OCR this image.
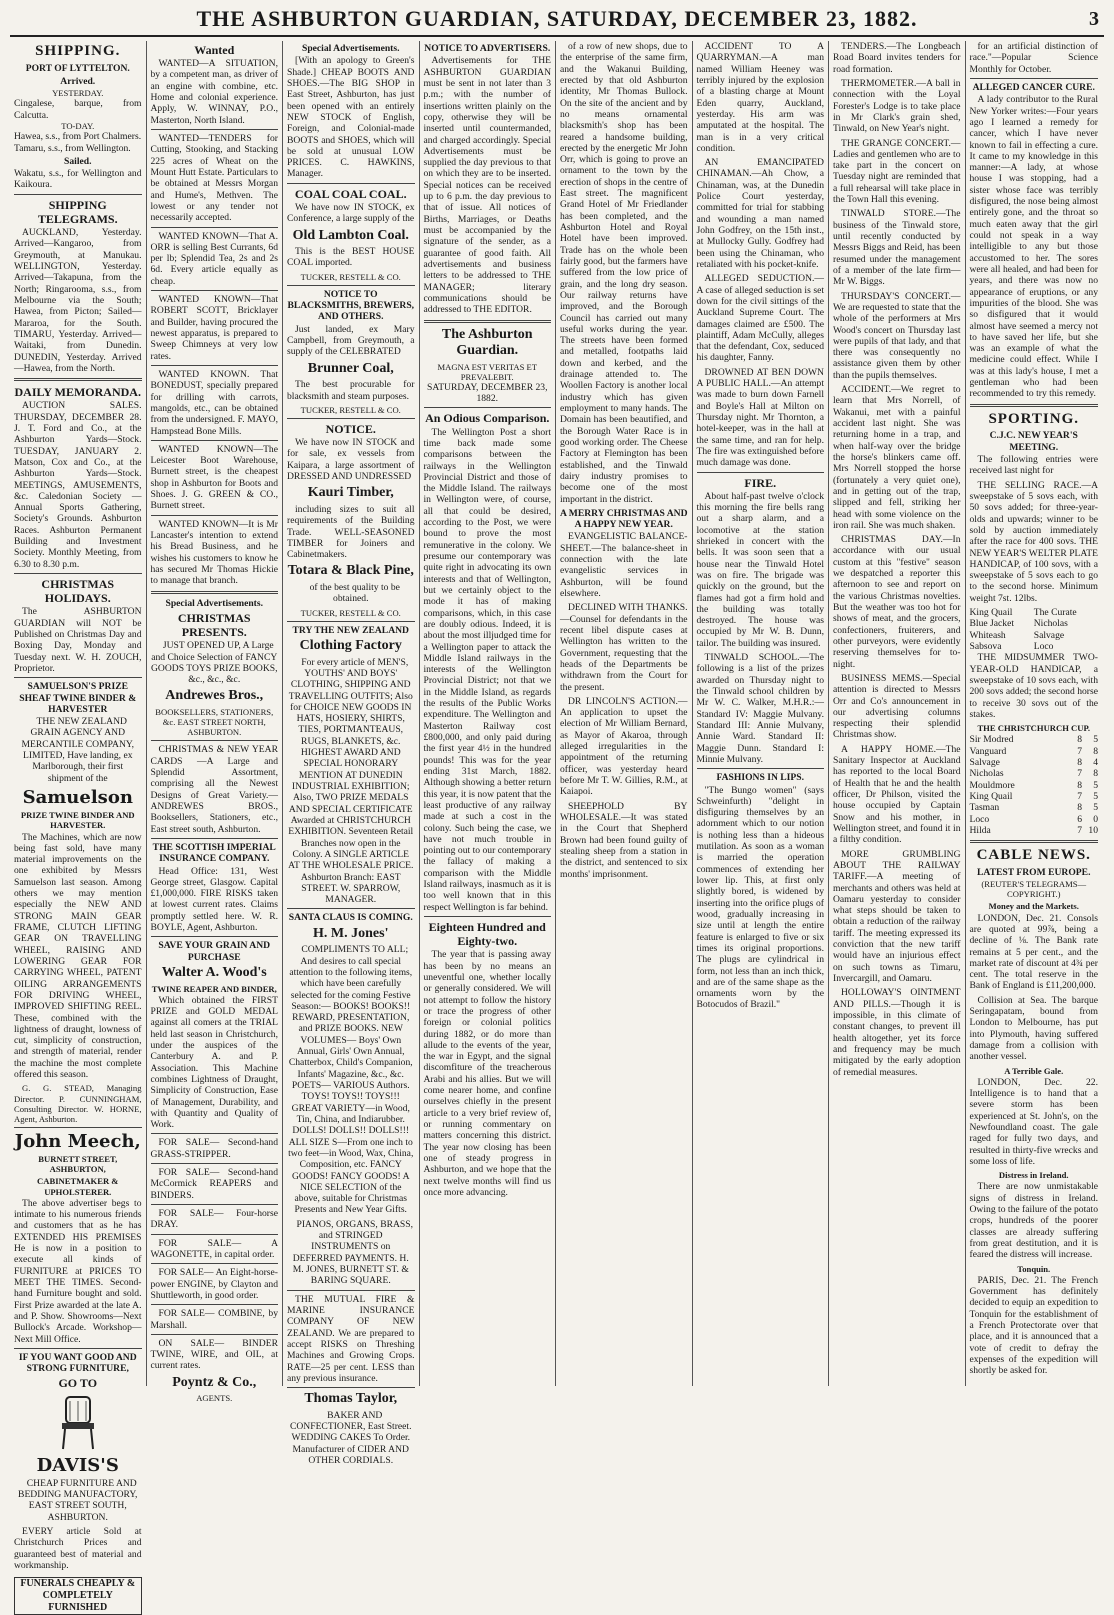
THE ASHBURTON GUARDIAN, SATURDAY, DECEMBER 23, 1882.	3
SHIPPING.
PORT OF LYTTELTON.
Arrived.
YESTERDAY.
Cingalese, barque, from Calcutta.
TO-DAY.
Hawea, s.s., from Port Chalmers.
Tamaru, s.s., from Wellington.
Sailed.
Wakatu, s.s., for Wellington and Kaikoura.
SHIPPING TELEGRAMS.

AUCKLAND, Yesterday. Arrived—Kangaroo, from Greymouth, at Manukau. WELLINGTON, Yesterday. Arrived—Takapuna, from the North; Ringarooma, s.s., from Melbourne via the South; Hawea, from Picton; Sailed—Mararoa, for the South. TIMARU, Yesterday. Arrived—Waitaki, from Dunedin. DUNEDIN, Yesterday. Arrived—Hawea, from the North.

DAILY MEMORANDA.

AUCTION SALES. THURSDAY, DECEMBER 28. J. T. Ford and Co., at the Ashburton Yards—Stock. TUESDAY, JANUARY 2. Matson, Cox and Co., at the Ashburton Yards—Stock. MEETINGS, AMUSEMENTS, &c. Caledonian Society — Annual Sports Gathering, Society's Grounds. Ashburton Races. Ashburton Permanent Building and Investment Society. Monthly Meeting, from 6.30 to 8.30 p.m.

CHRISTMAS HOLIDAYS.

The ASHBURTON GUARDIAN will NOT be Published on Christmas Day and Boxing Day, Monday and Tuesday next. W. H. ZOUCH, Proprietor.

SAMUELSON'S PRIZE SHEAF TWINE BINDER & HARVESTER

THE NEW ZEALAND GRAIN AGENCY AND MERCANTILE COMPANY, LIMITED, Have landing, ex Marlborough, their first shipment of the

Samuelson
PRIZE TWINE BINDER AND HARVESTER.

The Machines, which are now being fast sold, have many material improvements on the one exhibited by Messrs Samuelson last season. Among others we may mention especially the NEW AND STRONG MAIN GEAR FRAME, CLUTCH LIFTING GEAR ON TRAVELLING WHEEL, RAISING AND LOWERING GEAR FOR CARRYING WHEEL, PATENT OILING ARRANGEMENTS FOR DRIVING WHEEL, IMPROVED SHIFTING REEL. These, combined with the lightness of draught, lowness of cut, simplicity of construction, and strength of material, render the machine the most complete offered this season.

G. G. STEAD, Managing Director. P. CUNNINGHAM, Consulting Director. W. HORNE, Agent, Ashburton.

John Meech,
BURNETT STREET, ASHBURTON,
CABINETMAKER & UPHOLSTERER.

The above advertiser begs to intimate to his numerous friends and customers that as he has EXTENDED HIS PREMISES He is now in a position to execute all kinds of FURNITURE at PRICES TO MEET THE TIMES. Second-hand Furniture bought and sold. First Prize awarded at the late A. and P. Show. Showrooms—Next Bullock's Arcade. Workshop—Next Mill Office.

IF YOU WANT GOOD AND STRONG FURNITURE,
GO TO
DAVIS'S

CHEAP FURNITURE AND BEDDING MANUFACTORY, EAST STREET SOUTH, ASHBURTON.

EVERY article Sold at Christchurch Prices and guaranteed best of material and workmanship.

FUNERALS CHEAPLY & COMPLETELY FURNISHED
Wanted

WANTED—A SITUATION, by a competent man, as driver of an engine with combine, etc. Home and colonial experience. Apply, W. WINNAY, P.O., Masterton, North Island.

WANTED—TENDERS for Cutting, Stooking, and Stacking 225 acres of Wheat on the Mount Hutt Estate. Particulars to be obtained at Messrs Morgan and Hume's, Methven. The lowest or any tender not necessarily accepted.

WANTED KNOWN—That A. ORR is selling Best Currants, 6d per lb; Splendid Tea, 2s and 2s 6d. Every article equally as cheap.

WANTED KNOWN—That ROBERT SCOTT, Bricklayer and Builder, having procured the newest apparatus, is prepared to Sweep Chimneys at very low rates.

WANTED KNOWN. That BONEDUST, specially prepared for drilling with carrots, mangolds, etc., can be obtained from the undersigned. F. MAYO, Hampstead Bone Mills.

WANTED KNOWN—The Leicester Boot Warehouse, Burnett street, is the cheapest shop in Ashburton for Boots and Shoes. J. G. GREEN & CO., Burnett street.

WANTED KNOWN—It is Mr Lancaster's intention to extend his Bread Business, and he wishes his customers to know he has secured Mr Thomas Hickie to manage that branch.

Special Advertisements.
CHRISTMAS PRESENTS.

JUST OPENED UP, A Large and Choice Selection of FANCY GOODS TOYS PRIZE BOOKS, &c., &c., &c.

Andrewes Bros.,
BOOKSELLERS, STATIONERS, &c. EAST STREET NORTH, ASHBURTON.

CHRISTMAS & NEW YEAR CARDS —A Large and Splendid Assortment, comprising all the Newest Designs of Great Variety.—ANDREWES BROS., Booksellers, Stationers, etc., East street south, Ashburton.

THE SCOTTISH IMPERIAL INSURANCE COMPANY.

Head Office: 131, West George street, Glasgow. Capital £1,000,000. FIRE RISKS taken at lowest current rates. Claims promptly settled here. W. R. BOYLE, Agent, Ashburton.

SAVE YOUR GRAIN AND PURCHASE
Walter A. Wood's
TWINE REAPER AND BINDER,

Which obtained the FIRST PRIZE and GOLD MEDAL against all comers at the TRIAL held last season in Christchurch, under the auspices of the Canterbury A. and P. Association. This Machine combines Lightness of Draught, Simplicity of Construction, Ease of Management, Durability, and with Quantity and Quality of Work.

FOR SALE— Second-hand GRASS-STRIPPER.

FOR SALE— Second-hand McCormick REAPERS and BINDERS.

FOR SALE— Four-horse DRAY.

FOR SALE— A WAGONETTE, in capital order.

FOR SALE— An Eight-horse-power ENGINE, by Clayton and Shuttleworth, in good order.

FOR SALE— COMBINE, by Marshall.

ON SALE— BINDER TWINE, WIRE, and OIL, at current rates.

Poyntz & Co.,
AGENTS.
Special Advertisements.

[With an apology to Green's Shade.] CHEAP BOOTS AND SHOES.—The BIG SHOP in East Street, Ashburton, has just been opened with an entirely NEW STOCK of English, Foreign, and Colonial-made BOOTS and SHOES, which will be sold at unusual LOW PRICES. C. HAWKINS, Manager.

COAL COAL COAL.

We have now IN STOCK, ex Conference, a large supply of the

Old Lambton Coal.

This is the BEST HOUSE COAL imported.

TUCKER, RESTELL & CO.
NOTICE TO BLACKSMITHS, BREWERS, AND OTHERS.

Just landed, ex Mary Campbell, from Greymouth, a supply of the CELEBRATED

Brunner Coal,

The best procurable for blacksmith and steam purposes.

TUCKER, RESTELL & CO.
NOTICE.

We have now IN STOCK and for sale, ex vessels from Kaipara, a large assortment of DRESSED AND UNDRESSED

Kauri Timber,

including sizes to suit all requirements of the Building Trade. WELL-SEASONED TIMBER for Joiners and Cabinetmakers.

Totara & Black Pine,

of the best quality to be obtained.

TUCKER, RESTELL & CO.
TRY THE NEW ZEALAND
Clothing Factory

For every article of MEN'S, YOUTHS' AND BOYS' CLOTHING, SHIPPING AND TRAVELLING OUTFITS; Also for CHOICE NEW GOODS IN HATS, HOSIERY, SHIRTS, TIES, PORTMANTEAUS, RUGS, BLANKETS, &c. HIGHEST AWARD AND SPECIAL HONORARY MENTION AT DUNEDIN INDUSTRIAL EXHIBITION; Also, TWO PRIZE MEDALS AND SPECIAL CERTIFICATE Awarded at CHRISTCHURCH EXHIBITION. Seventeen Retail Branches now open in the Colony. A SINGLE ARTICLE AT THE WHOLESALE PRICE. Ashburton Branch: EAST STREET. W. SPARROW, MANAGER.

SANTA CLAUS IS COMING.
H. M. Jones'

COMPLIMENTS TO ALL; And desires to call special attention to the following items, which have been carefully selected for the coming Festive Season:— BOOKS! BOOKS!! REWARD, PRESENTATION, and PRIZE BOOKS. NEW VOLUMES— Boys' Own Annual, Girls' Own Annual, Chatterbox, Child's Companion, Infants' Magazine, &c., &c. POETS— VARIOUS Authors. TOYS! TOYS!! TOYS!!! GREAT VARIETY—in Wood, Tin, China, and Indiarubber. DOLLS! DOLLS!! DOLLS!!! ALL SIZE S—From one inch to two feet—in Wood, Wax, China, Composition, etc. FANCY GOODS! FANCY GOODS! A NICE SELECTION of the above, suitable for Christmas Presents and New Year Gifts.

PIANOS, ORGANS, BRASS, and STRINGED INSTRUMENTS on DEFERRED PAYMENTS. H. M. JONES, BURNETT ST. & BARING SQUARE.

THE MUTUAL FIRE & MARINE INSURANCE COMPANY OF NEW ZEALAND. We are prepared to accept RISKS on Threshing Machines and Growing Crops. RATE—25 per cent. LESS than any previous insurance.

Thomas Taylor,

BAKER AND CONFECTIONER, East Street. WEDDING CAKES To Order. Manufacturer of CIDER AND OTHER CORDIALS.

NOTICE TO ADVERTISERS.

Advertisements for THE ASHBURTON GUARDIAN must be sent in not later than 3 p.m.; with the number of insertions written plainly on the copy, otherwise they will be inserted until countermanded, and charged accordingly. Special Advertisements must be supplied the day previous to that on which they are to be inserted. Special notices can be received up to 6 p.m. the day previous to that of issue. All notices of Births, Marriages, or Deaths must be accompanied by the signature of the sender, as a guarantee of good faith. All advertisements and business letters to be addressed to THE MANAGER; literary communications should be addressed to THE EDITOR.

The Ashburton Guardian.
MAGNA EST VERITAS ET PREVALEBIT.
SATURDAY, DECEMBER 23, 1882.
An Odious Comparison.

The Wellington Post a short time back made some comparisons between the railways in the Wellington Provincial District and those of the Middle Island. The railways in Wellington were, of course, all that could be desired, according to the Post, we were bound to prove the most remunerative in the colony. We presume our contemporary was quite right in advocating its own interests and that of Wellington, but we certainly object to the mode it has of making comparisons, which, in this case are doubly odious. Indeed, it is about the most illjudged time for a Wellington paper to attack the Middle Island railways in the interests of the Wellington Provincial District; not that we in the Middle Island, as regards the results of the Public Works expenditure. The Wellington and Masterton Railway cost £800,000, and only paid during the first year 4½ in the hundred pounds! This was for the year ending 31st March, 1882. Although showing a better return this year, it is now patent that the least productive of any railway made at such a cost in the colony. Such being the case, we have not much trouble in pointing out to our contemporary the fallacy of making a comparison with the Middle Island railways, inasmuch as it is too well known that in this respect Wellington is far behind.

Eighteen Hundred and Eighty-two.

The year that is passing away has been by no means an uneventful one, whether locally or generally considered. We will not attempt to follow the history or trace the progress of other foreign or colonial politics during 1882, or do more than allude to the events of the year, the war in Egypt, and the signal discomfiture of the treacherous Arabi and his allies. But we will come nearer home, and confine ourselves chiefly in the present article to a very brief review of, or running commentary on matters concerning this district. The year now closing has been one of steady progress in Ashburton, and we hope that the next twelve months will find us once more advancing.

of a row of new shops, due to the enterprise of the same firm, and the Wakanui Building, erected by that old Ashburton identity, Mr Thomas Bullock. On the site of the ancient and by no means ornamental blacksmith's shop has been reared a handsome building, erected by the energetic Mr John Orr, which is going to prove an ornament to the town by the erection of shops in the centre of East street. The magnificent Grand Hotel of Mr Friedlander has been completed, and the Ashburton Hotel and Royal Hotel have been improved. Trade has on the whole been fairly good, but the farmers have suffered from the low price of grain, and the long dry season. Our railway returns have improved, and the Borough Council has carried out many useful works during the year. The streets have been formed and metalled, footpaths laid down and kerbed, and the drainage attended to. The Woollen Factory is another local industry which has given employment to many hands. The Domain has been beautified, and the Borough Water Race is in good working order. The Cheese Factory at Flemington has been established, and the Tinwald dairy industry promises to become one of the most important in the district.

A MERRY CHRISTMAS AND A HAPPY NEW YEAR.

EVANGELISTIC BALANCE-SHEET.—The balance-sheet in connection with the late evangelistic services in Ashburton, will be found elsewhere.

DECLINED WITH THANKS.—Counsel for defendants in the recent libel dispute cases at Wellington has written to the Government, requesting that the heads of the Departments be withdrawn from the Court for the present.

DR LINCOLN'S ACTION.—An application to upset the election of Mr William Bernard, as Mayor of Akaroa, through alleged irregularities in the appointment of the returning officer, was yesterday heard before Mr T. W. Gillies, R.M., at Kaiapoi.

SHEEPHOLD BY WHOLESALE.—It was stated in the Court that Shepherd Brown had been found guilty of stealing sheep from a station in the district, and sentenced to six months' imprisonment.

ACCIDENT TO A QUARRYMAN.—A man named William Heeney was terribly injured by the explosion of a blasting charge at Mount Eden quarry, Auckland, yesterday. His arm was amputated at the hospital. The man is in a very critical condition.

AN EMANCIPATED CHINAMAN.—Ah Chow, a Chinaman, was, at the Dunedin Police Court yesterday, committed for trial for stabbing and wounding a man named John Godfrey, on the 15th inst., at Mullocky Gully. Godfrey had been using the Chinaman, who retaliated with his pocket-knife.

ALLEGED SEDUCTION.—A case of alleged seduction is set down for the civil sittings of the Auckland Supreme Court. The damages claimed are £500. The plaintiff, Adam McCully, alleges that the defendant, Cox, seduced his daughter, Fanny.

DROWNED AT BEN DOWN A PUBLIC HALL.—An attempt was made to burn down Farnell and Boyle's Hall at Milton on Thursday night. Mr Thornton, a hotel-keeper, was in the hall at the same time, and ran for help. The fire was extinguished before much damage was done.

FIRE.

About half-past twelve o'clock this morning the fire bells rang out a sharp alarm, and a locomotive at the station shrieked in concert with the bells. It was soon seen that a house near the Tinwald Hotel was on fire. The brigade was quickly on the ground, but the flames had got a firm hold and the building was totally destroyed. The house was occupied by Mr W. B. Dunn, tailor. The building was insured.

TINWALD SCHOOL.—The following is a list of the prizes awarded on Thursday night to the Tinwald school children by Mr W. C. Walker, M.H.R.:—Standard IV: Maggie Mulvany. Standard III: Annie Mulvany, Annie Ward. Standard II: Maggie Dunn. Standard I: Minnie Mulvany.

FASHIONS IN LIPS.

"The Bungo women" (says Schweinfurth) "delight in disfiguring themselves by an adornment which to our notion is nothing less than a hideous mutilation. As soon as a woman is married the operation commences of extending her lower lip. This, at first only slightly bored, is widened by inserting into the orifice plugs of wood, gradually increasing in size until at length the entire feature is enlarged to five or six times its original proportions. The plugs are cylindrical in form, not less than an inch thick, and are of the same shape as the ornaments worn by the Botocudos of Brazil."

TENDERS.—The Longbeach Road Board invites tenders for road formation.

THERMOMETER.—A ball in connection with the Loyal Forester's Lodge is to take place in Mr Clark's grain shed, Tinwald, on New Year's night.

THE GRANGE CONCERT.—Ladies and gentlemen who are to take part in the concert on Tuesday night are reminded that a full rehearsal will take place in the Town Hall this evening.

TINWALD STORE.—The business of the Tinwald store, until recently conducted by Messrs Biggs and Reid, has been resumed under the management of a member of the late firm—Mr W. Biggs.

THURSDAY'S CONCERT.—We are requested to state that the whole of the performers at Mrs Wood's concert on Thursday last were pupils of that lady, and that there was consequently no assistance given them by other than the pupils themselves.

ACCIDENT.—We regret to learn that Mrs Norrell, of Wakanui, met with a painful accident last night. She was returning home in a trap, and when half-way over the bridge the horse's blinkers came off. Mrs Norrell stopped the horse (fortunately a very quiet one), and in getting out of the trap, slipped and fell, striking her head with some violence on the iron rail. She was much shaken.

CHRISTMAS DAY.—In accordance with our usual custom at this "festive" season we despatched a reporter this afternoon to see and report on the various Christmas novelties. But the weather was too hot for shows of meat, and the grocers, confectioners, fruiterers, and other purveyors, were evidently reserving themselves for to-night.

BUSINESS MEMS.—Special attention is directed to Messrs Orr and Co's announcement in our advertising columns respecting their splendid Christmas show.

A HAPPY HOME.—The Sanitary Inspector at Auckland has reported to the local Board of Health that he and the health officer, Dr Philson, visited the house occupied by Captain Snow and his mother, in Wellington street, and found it in a filthy condition.

MORE GRUMBLING ABOUT THE RAILWAY TARIFF.—A meeting of merchants and others was held at Oamaru yesterday to consider what steps should be taken to obtain a reduction of the railway tariff. The meeting expressed its conviction that the new tariff would have an injurious effect on such towns as Timaru, Invercargill, and Oamaru.

HOLLOWAY'S OINTMENT AND PILLS.—Though it is impossible, in this climate of constant changes, to prevent ill health altogether, yet its force and frequency may be much mitigated by the early adoption of remedial measures.

for an artificial distinction of race."—Popular Science Monthly for October.

ALLEGED CANCER CURE.

A lady contributor to the Rural New Yorker writes:—Four years ago I learned a remedy for cancer, which I have never known to fail in effecting a cure. It came to my knowledge in this manner:—A lady, at whose house I was stopping, had a sister whose face was terribly disfigured, the nose being almost entirely gone, and the throat so much eaten away that the girl could not speak in a way intelligible to any but those accustomed to her. The sores were all healed, and had been for years, and there was now no appearance of eruptions, or any impurities of the blood. She was so disfigured that it would almost have seemed a mercy not to have saved her life, but she was an example of what the medicine could effect. While I was at this lady's house, I met a gentleman who had been recommended to try this remedy.

SPORTING.
C.J.C. NEW YEAR'S MEETING.

The following entries were received last night for

THE SELLING RACE.—A sweepstake of 5 sovs each, with 50 sovs added; for three-year-olds and upwards; winner to be sold by auction immediately after the race for 400 sovs. THE NEW YEAR'S WELTER PLATE HANDICAP, of 100 sovs, with a sweepstake of 5 sovs each to go to the second horse. Minimum weight 7st. 12lbs.

King Quail	The Curate
Blue Jacket	Nicholas
Whiteash	Salvage
Sabsova	Loco

THE MIDSUMMER TWO-YEAR-OLD HANDICAP, a sweepstake of 10 sovs each, with 200 sovs added; the second horse to receive 30 sovs out of the stakes.

THE CHRISTCHURCH CUP.
Sir Modred	8	5
Vanguard	7	8
Salvage	8	4
Nicholas	7	8
Mouldmore	8	5
King Quail	7	5
Tasman	8	5
Loco	6	0
Hilda	7 10
CABLE NEWS.
LATEST FROM EUROPE.
(REUTER'S TELEGRAMS—COPYRIGHT.)
Money and the Markets.

LONDON, Dec. 21. Consols are quoted at 99⅞, being a decline of ⅛. The Bank rate remains at 5 per cent., and the market rate of discount at 4¾ per cent. The total reserve in the Bank of England is £11,200,000.

Collision at Sea. The barque Seringapatam, bound from London to Melbourne, has put into Plymouth, having suffered damage from a collision with another vessel.

A Terrible Gale.

LONDON, Dec. 22. Intelligence is to hand that a severe storm has been experienced at St. John's, on the Newfoundland coast. The gale raged for fully two days, and resulted in thirty-five wrecks and some loss of life.

Distress in Ireland.

There are now unmistakable signs of distress in Ireland. Owing to the failure of the potato crops, hundreds of the poorer classes are already suffering from great destitution, and it is feared the distress will increase.

Tonquin.

PARIS, Dec. 21. The French Government has definitely decided to equip an expedition to Tonquin for the establishment of a French Protectorate over that place, and it is announced that a vote of credit to defray the expenses of the expedition will shortly be asked for.
